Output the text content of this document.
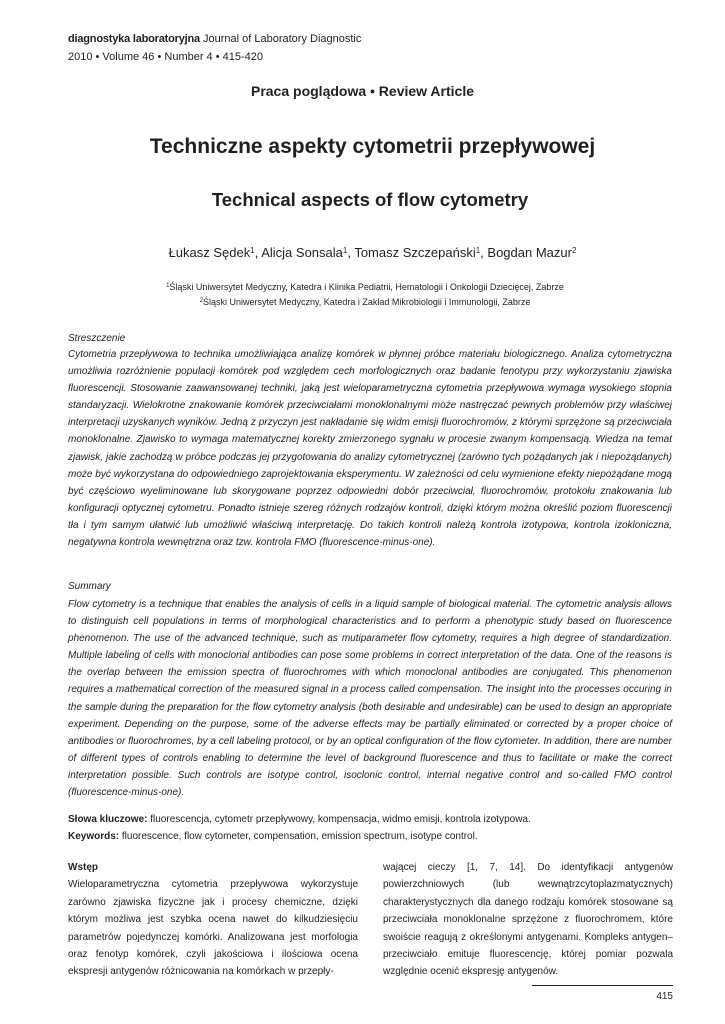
diagnostyka laboratoryjna Journal of Laboratory Diagnostic
2010 • Volume 46 • Number 4 • 415-420
Praca poglądowa • Review Article
Techniczne aspekty cytometrii przepływowej
Technical aspects of flow cytometry
Łukasz Sędek$^1$, Alicja Sonsala$^1$, Tomasz Szczepański$^1$, Bogdan Mazur$^2$
$^1$Śląski Uniwersytet Medyczny, Katedra i Klinika Pediatrii, Hematologii i Onkologii Dziecięcej, Zabrze
$^2$Śląski Uniwersytet Medyczny, Katedra i Zakład Mikrobiologii i Immunologii, Zabrze
Streszczenie
Cytometria przepływowa to technika umożliwiająca analizę komórek w płynnej próbce materiału biologicznego. Analiza cytometryczna umożliwia rozróżnienie populacji komórek pod względem cech morfologicznych oraz badanie fenotypu przy wykorzystaniu zjawiska fluorescencji. Stosowanie zaawansowanej techniki, jaką jest wieloparametryczna cytometria przepływowa wymaga wysokiego stopnia standaryzacji. Wielokrotne znakowanie komórek przeciwciałami monoklonalnymi może nastręczać pewnych problemów przy właściwej interpretacji uzyskanych wyników. Jedną z przyczyn jest nakładanie się widm emisji fluorochromów, z którymi sprzężone są przeciwciała monoklonalne. Zjawisko to wymaga matematycznej korekty zmierzonego sygnału w procesie zwanym kompensacją. Wiedza na temat zjawisk, jakie zachodzą w próbce podczas jej przygotowania do analizy cytometrycznej (zarówno tych pożądanych jak i niepożądanych) może być wykorzystana do odpowiedniego zaprojektowania eksperymentu. W zależności od celu wymienione efekty niepożądane mogą być częściowo wyeliminowane lub skorygowane poprzez odpowiedni dobór przeciwciał, fluorochromów, protokołu znakowania lub konfiguracji optycznej cytometru. Ponadto istnieje szereg różnych rodzajów kontroli, dzięki którym można określić poziom fluorescencji tła i tym samym ułatwić lub umożliwić właściwą interpretację. Do takich kontroli należą kontrola izotypowa, kontrola izokloniczna, negatywna kontrola wewnętrzna oraz tzw. kontrola FMO (fluorescence-minus-one).
Summary
Flow cytometry is a technique that enables the analysis of cells in a liquid sample of biological material. The cytometric analysis allows to distinguish cell populations in terms of morphological characteristics and to perform a phenotypic study based on fluorescence phenomenon. The use of the advanced technique, such as mutiparameter flow cytometry, requires a high degree of standardization. Multiple labeling of cells with monoclonal antibodies can pose some problems in correct interpretation of the data. One of the reasons is the overlap between the emission spectra of fluorochromes with which monoclonal antibodies are conjugated. This phenomenon requires a mathematical correction of the measured signal in a process called compensation. The insight into the processes occuring in the sample during the preparation for the flow cytometry analysis (both desirable and undesirable) can be used to design an appropriate experiment. Depending on the purpose, some of the adverse effects may be partially eliminated or corrected by a proper choice of antibodies or fluorochromes, by a cell labeling protocol, or by an optical configuration of the flow cytometer. In addition, there are number of different types of controls enabling to determine the level of background fluorescence and thus to facilitate or make the correct interpretation possible. Such controls are isotype control, isoclonic control, internal negative control and so-called FMO control (fluorescence-minus-one).
Słowa kluczowe: fluorescencja, cytometr przepływowy, kompensacja, widmo emisji, kontrola izotypowa.
Keywords: fluorescence, flow cytometer, compensation, emission spectrum, isotype control.
Wstęp

Wieloparametryczna cytometria przepływowa wykorzystuje zarówno zjawiska fizyczne jak i procesy chemiczne, dzięki którym możliwa jest szybka ocena nawet do kilkudziesięciu parametrów pojedynczej komórki. Analizowana jest morfologia oraz fenotyp komórek, czyli jakościowa i ilościowa ocena ekspresji antygenów różnicowania na komórkach w przepły-

wającej cieczy [1, 7, 14]. Do identyfikacji antygenów powierzchniowych (lub wewnątrzcytoplazmatycznych) charakterystycznych dla danego rodzaju komórek stosowane są przeciwciała monoklonalne sprzężone z fluorochromem, które swoiście reagują z określonymi antygenami. Kompleks antygen–przeciwciało emituje fluorescencję, której pomiar pozwala względnie ocenić ekspresję antygenów.

415
